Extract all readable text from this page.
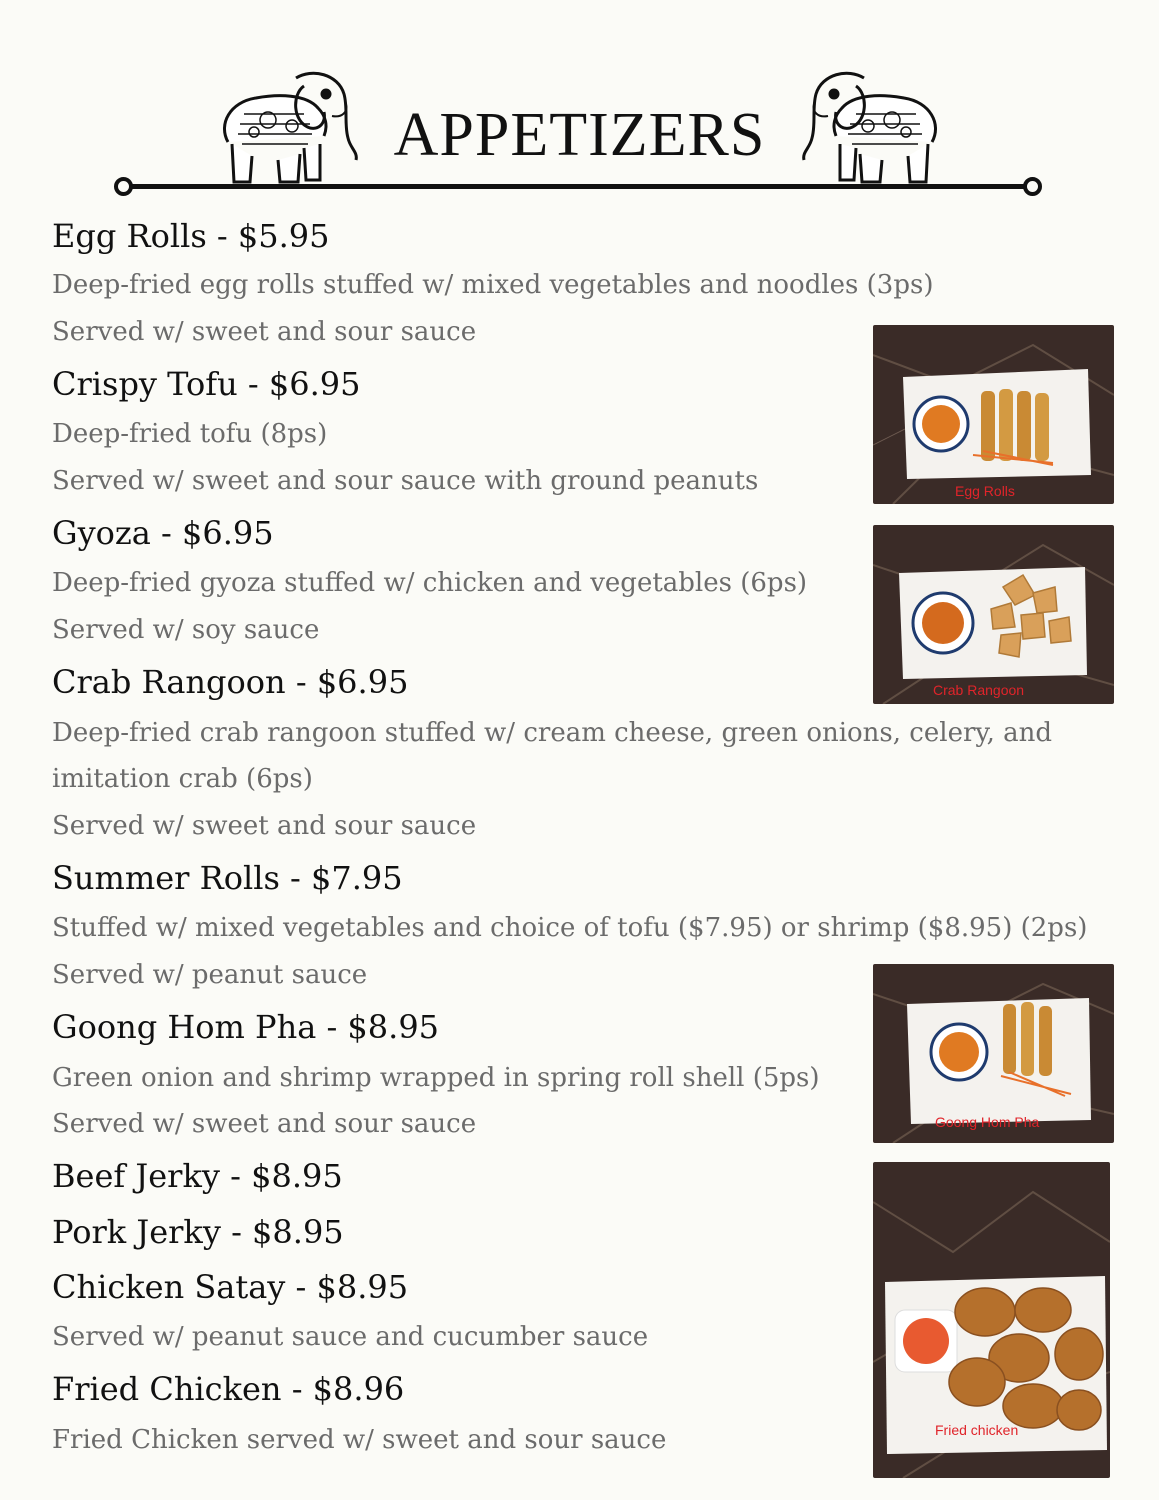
APPETIZERS
Egg Rolls - $5.95
Deep-fried egg rolls stuffed w/ mixed vegetables and noodles (3ps)
Served w/ sweet and sour sauce
Crispy Tofu - $6.95
Deep-fried tofu (8ps)
Served w/ sweet and sour sauce with ground peanuts
Gyoza - $6.95
Deep-fried gyoza stuffed w/ chicken and vegetables (6ps)
Served w/ soy sauce
Crab Rangoon - $6.95
Deep-fried crab rangoon stuffed w/ cream cheese, green onions, celery, and
imitation crab (6ps)
Served w/ sweet and sour sauce
Summer Rolls - $7.95
Stuffed w/ mixed vegetables and choice of tofu ($7.95) or shrimp ($8.95) (2ps)
Served w/ peanut sauce
Goong Hom Pha - $8.95
Green onion and shrimp wrapped in spring roll shell (5ps)
Served w/ sweet and sour sauce
Beef Jerky - $8.95
Pork Jerky - $8.95
Chicken Satay - $8.95
Served w/ peanut sauce and cucumber sauce
Fried Chicken - $8.96
Fried Chicken served w/ sweet and sour sauce
Egg Rolls
Crab Rangoon
Goong Hom Pha
Fried chicken
